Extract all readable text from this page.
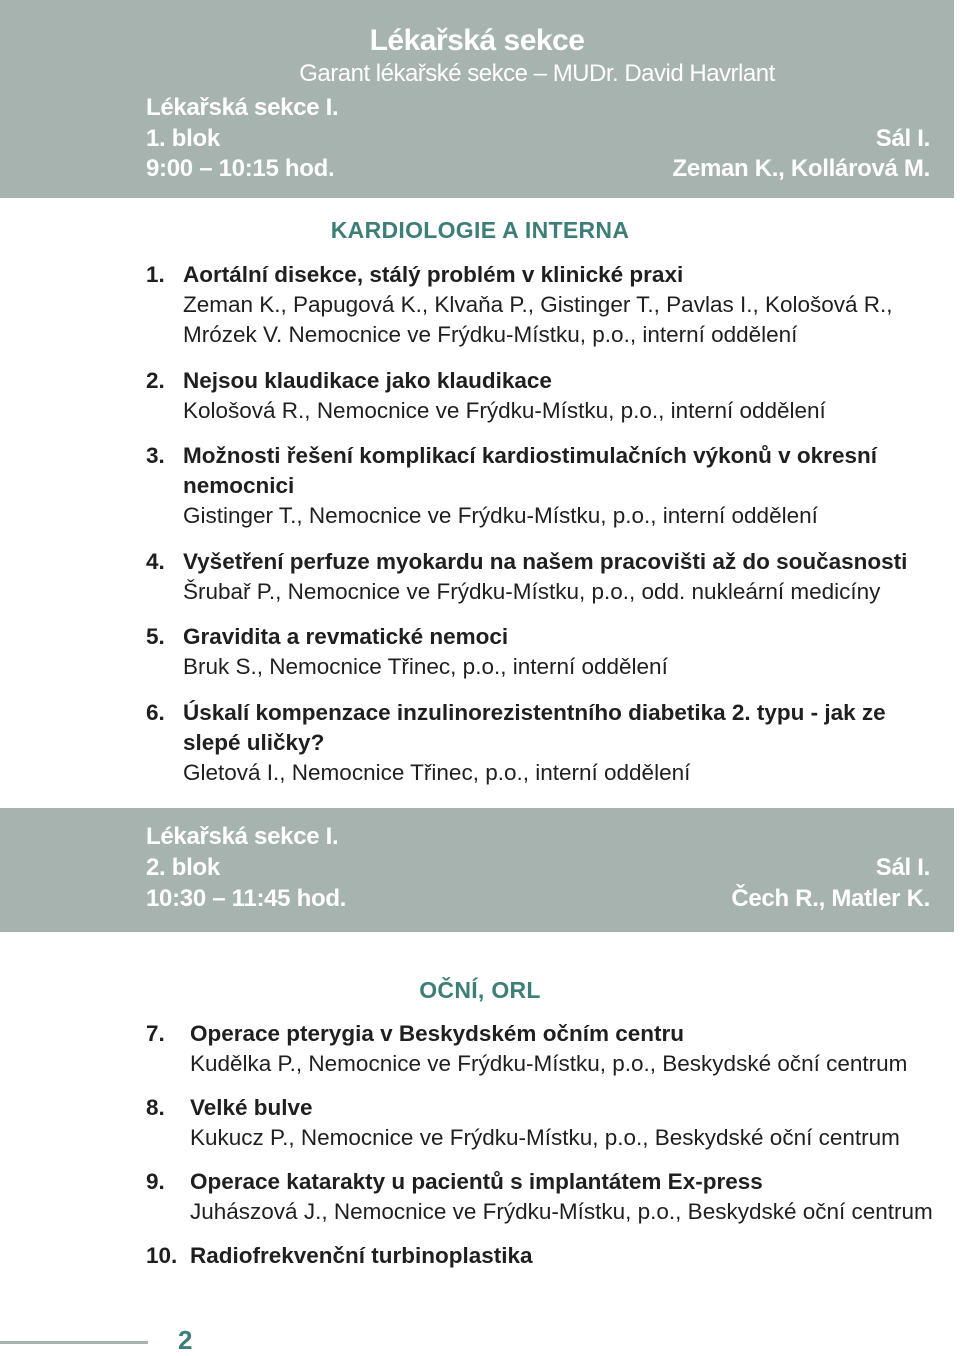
Lékařská sekce
Garant lékařské sekce – MUDr. David Havrlant
Lékařská sekce I.
1. blok	Sál I.
9:00 – 10:15 hod.	Zeman K., Kollárová M.
KARDIOLOGIE A INTERNA
1. Aortální disekce, stálý problém v klinické praxi
Zeman K., Papugová K., Klvaňa P., Gistinger T., Pavlas I., Kološová R., Mrózek V. Nemocnice ve Frýdku-Místku, p.o., interní oddělení
2. Nejsou klaudikace jako klaudikace
Kološová R., Nemocnice ve Frýdku-Místku, p.o., interní oddělení
3. Možnosti řešení komplikací kardiostimulačních výkonů v okresní nemocnici
Gistinger T., Nemocnice ve Frýdku-Místku, p.o., interní oddělení
4. Vyšetření perfuze myokardu na našem pracovišti až do současnosti
Šrubař P., Nemocnice ve Frýdku-Místku, p.o., odd. nukleární medicíny
5. Gravidita a revmatické nemoci
Bruk S., Nemocnice Třinec, p.o., interní oddělení
6. Úskalí kompenzace inzulinorezistentního diabetika 2. typu - jak ze slepé uličky?
Gletová I., Nemocnice Třinec, p.o., interní oddělení
Lékařská sekce I.
2. blok	Sál I.
10:30 – 11:45 hod.	Čech R., Matler K.
OČNÍ, ORL
7. Operace pterygia v Beskydském očním centru
Kudělka P., Nemocnice ve Frýdku-Místku, p.o., Beskydské oční centrum
8. Velké bulve
Kukucz P., Nemocnice ve Frýdku-Místku, p.o., Beskydské oční centrum
9. Operace katarakty u pacientů s implantátem Ex-press
Juhászová J., Nemocnice ve Frýdku-Místku, p.o., Beskydské oční centrum
10. Radiofrekvenční turbinoplastika
2
